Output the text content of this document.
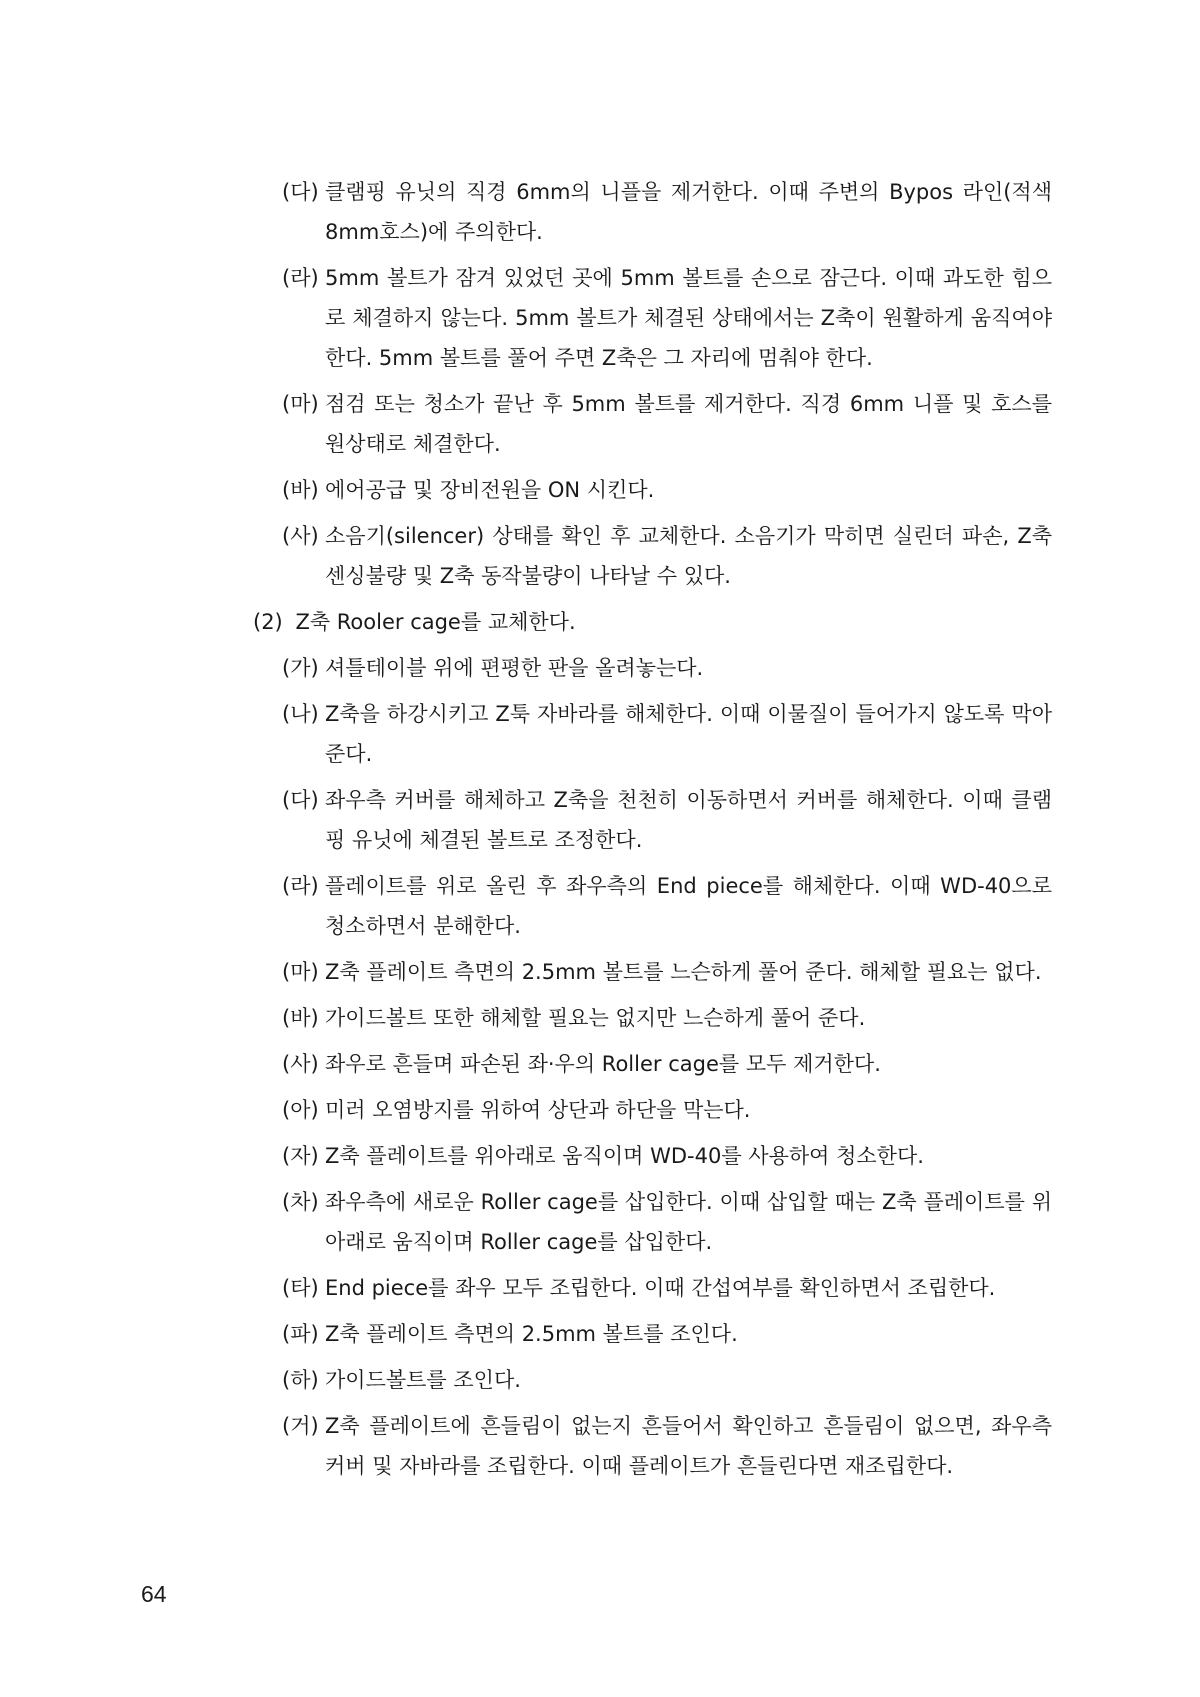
(다) 클램핑 유닛의 직경 6mm의 니플을 제거한다. 이때 주변의 Bypos 라인(적색 8mm호스)에 주의한다.
(라) 5mm 볼트가 잠겨 있었던 곳에 5mm 볼트를 손으로 잠근다. 이때 과도한 힘으로 체결하지 않는다. 5mm 볼트가 체결된 상태에서는 Z축이 원활하게 움직여야 한다. 5mm 볼트를 풀어 주면 Z축은 그 자리에 멈춰야 한다.
(마) 점검 또는 청소가 끝난 후 5mm 볼트를 제거한다. 직경 6mm 니플 및 호스를 원상태로 체결한다.
(바) 에어공급 및 장비전원을 ON 시킨다.
(사) 소음기(silencer) 상태를 확인 후 교체한다. 소음기가 막히면 실린더 파손, Z축 센싱불량 및 Z축 동작불량이 나타날 수 있다.
(2) Z축 Rooler cage를 교체한다.
(가) 셔틀테이블 위에 편평한 판을 올려놓는다.
(나) Z축을 하강시키고 Z툭 자바라를 해체한다. 이때 이물질이 들어가지 않도록 막아준다.
(다) 좌우측 커버를 해체하고 Z축을 천천히 이동하면서 커버를 해체한다. 이때 클램핑 유닛에 체결된 볼트로 조정한다.
(라) 플레이트를 위로 올린 후 좌우측의 End piece를 해체한다. 이때 WD-40으로 청소하면서 분해한다.
(마) Z축 플레이트 측면의 2.5mm 볼트를 느슨하게 풀어 준다. 해체할 필요는 없다.
(바) 가이드볼트 또한 해체할 필요는 없지만 느슨하게 풀어 준다.
(사) 좌우로 흔들며 파손된 좌·우의 Roller cage를 모두 제거한다.
(아) 미러 오염방지를 위하여 상단과 하단을 막는다.
(자) Z축 플레이트를 위아래로 움직이며 WD-40를 사용하여 청소한다.
(차) 좌우측에 새로운 Roller cage를 삽입한다. 이때 삽입할 때는 Z축 플레이트를 위아래로 움직이며 Roller cage를 삽입한다.
(타) End piece를 좌우 모두 조립한다. 이때 간섭여부를 확인하면서 조립한다.
(파) Z축 플레이트 측면의 2.5mm 볼트를 조인다.
(하) 가이드볼트를 조인다.
(거) Z축 플레이트에 흔들림이 없는지 흔들어서 확인하고 흔들림이 없으면, 좌우측 커버 및 자바라를 조립한다. 이때 플레이트가 흔들린다면 재조립한다.
64
